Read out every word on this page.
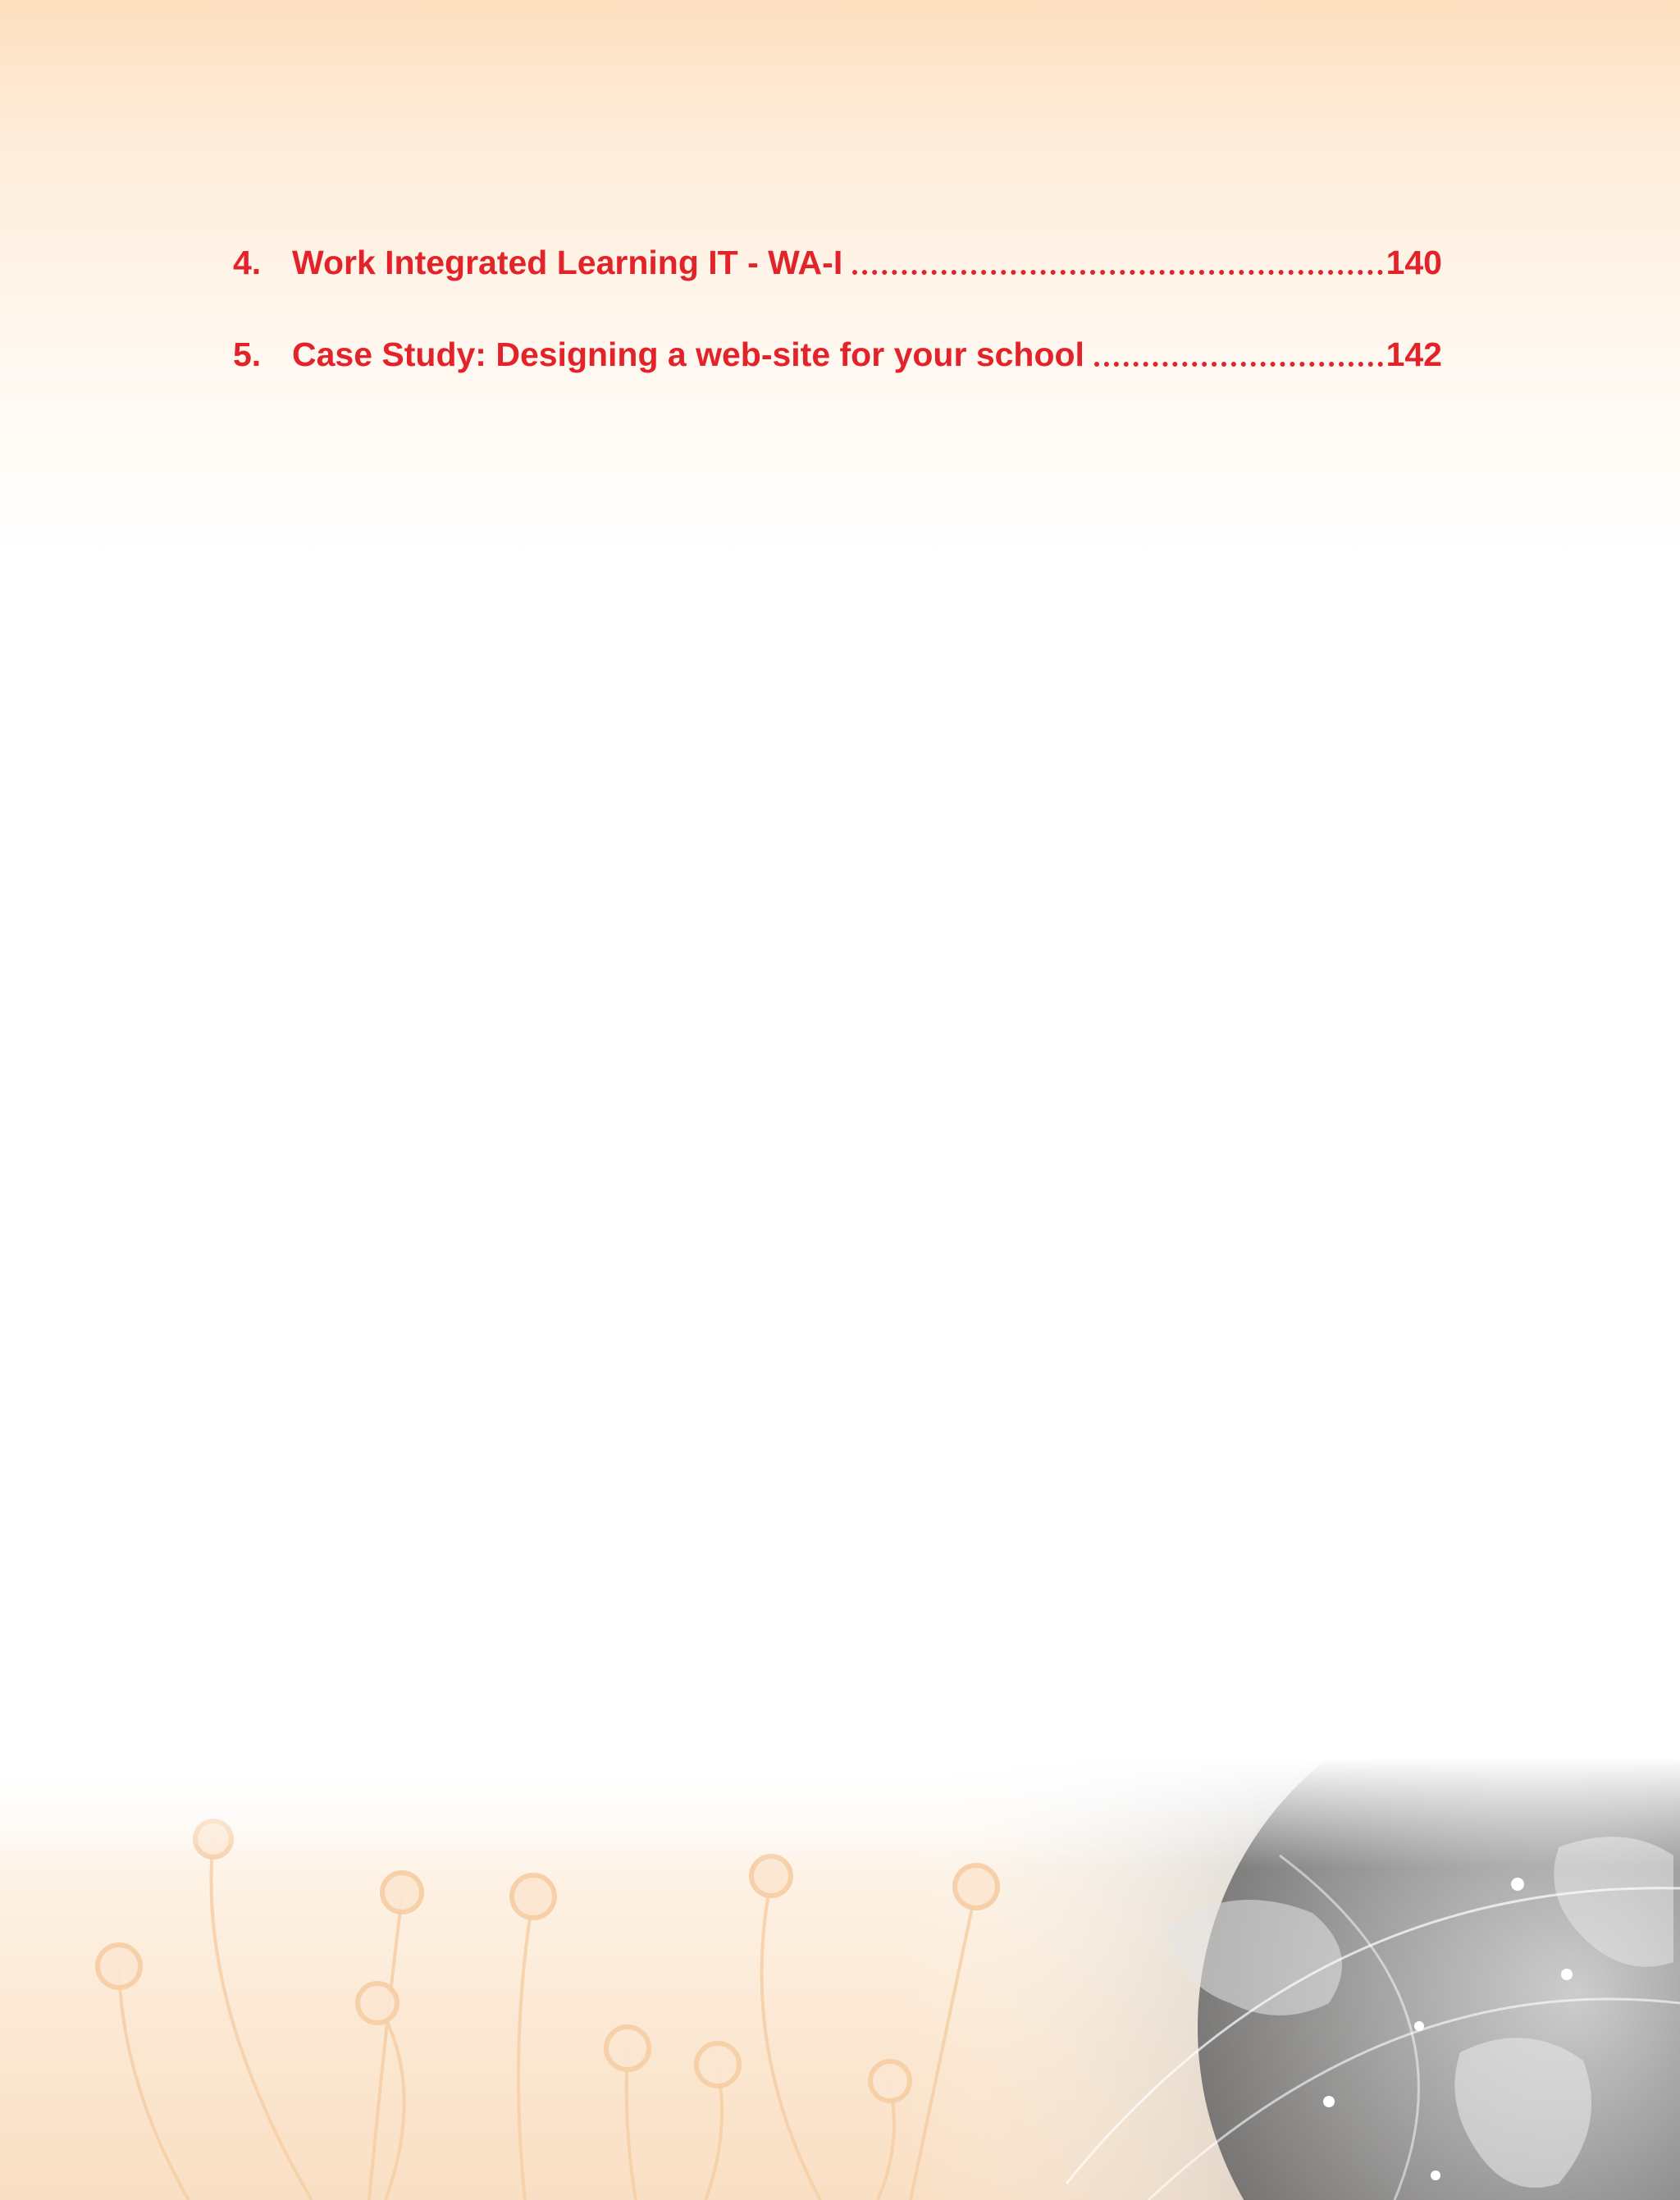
4. Work Integrated Learning IT - WA-I	140
5. Case Study: Designing a web-site for your school	142
